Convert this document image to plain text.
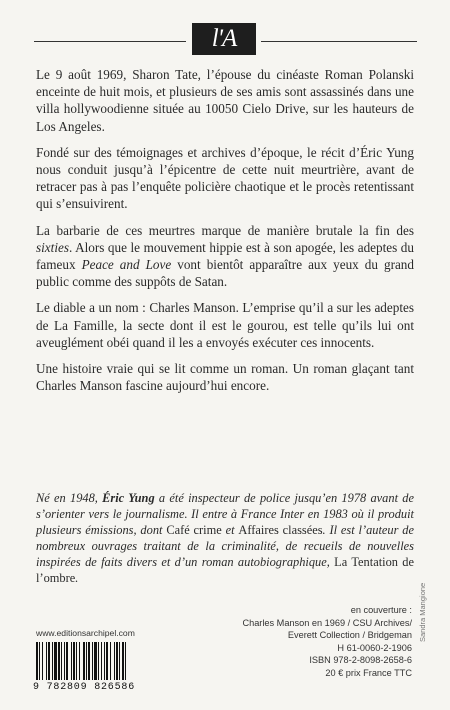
l'A

Le 9 août 1969, Sharon Tate, l’épouse du cinéaste Roman Polanski enceinte de huit mois, et plusieurs de ses amis sont assassinés dans une villa hollywoodienne située au 10050 Cielo Drive, sur les hauteurs de Los Angeles.

Fondé sur des témoignages et archives d’époque, le récit d’Éric Yung nous conduit jusqu’à l’épicentre de cette nuit meurtrière, avant de retracer pas à pas l’enquête policière chaotique et le procès retentissant qui s’ensuivirent.

La barbarie de ces meurtres marque de manière brutale la fin des sixties. Alors que le mouvement hippie est à son apogée, les adeptes du fameux Peace and Love vont bientôt apparaître aux yeux du grand public comme des suppôts de Satan.

Le diable a un nom : Charles Manson. L’emprise qu’il a sur les adeptes de La Famille, la secte dont il est le gourou, est telle qu’ils lui ont aveuglément obéi quand il les a envoyés exécuter ces innocents.

Une histoire vraie qui se lit comme un roman. Un roman glaçant tant Charles Manson fascine aujourd’hui encore.

Né en 1948, Éric Yung a été inspecteur de police jusqu’en 1978 avant de s’orienter vers le journalisme. Il entre à France Inter en 1983 où il produit plusieurs émissions, dont Café crime et Affaires classées. Il est l’auteur de nombreux ouvrages traitant de la criminalité, de recueils de nouvelles inspirées de faits divers et d’un roman autobiographique, La Tentation de l’ombre.
www.editionsarchipel.com
9 782809 826586
en couverture :
Charles Manson en 1969 / CSU Archives/
Everett Collection / Bridgeman
H 61-0060-2-1906
ISBN 978-2-8098-2658-6
20 € prix France TTC
Sandra Mangione
